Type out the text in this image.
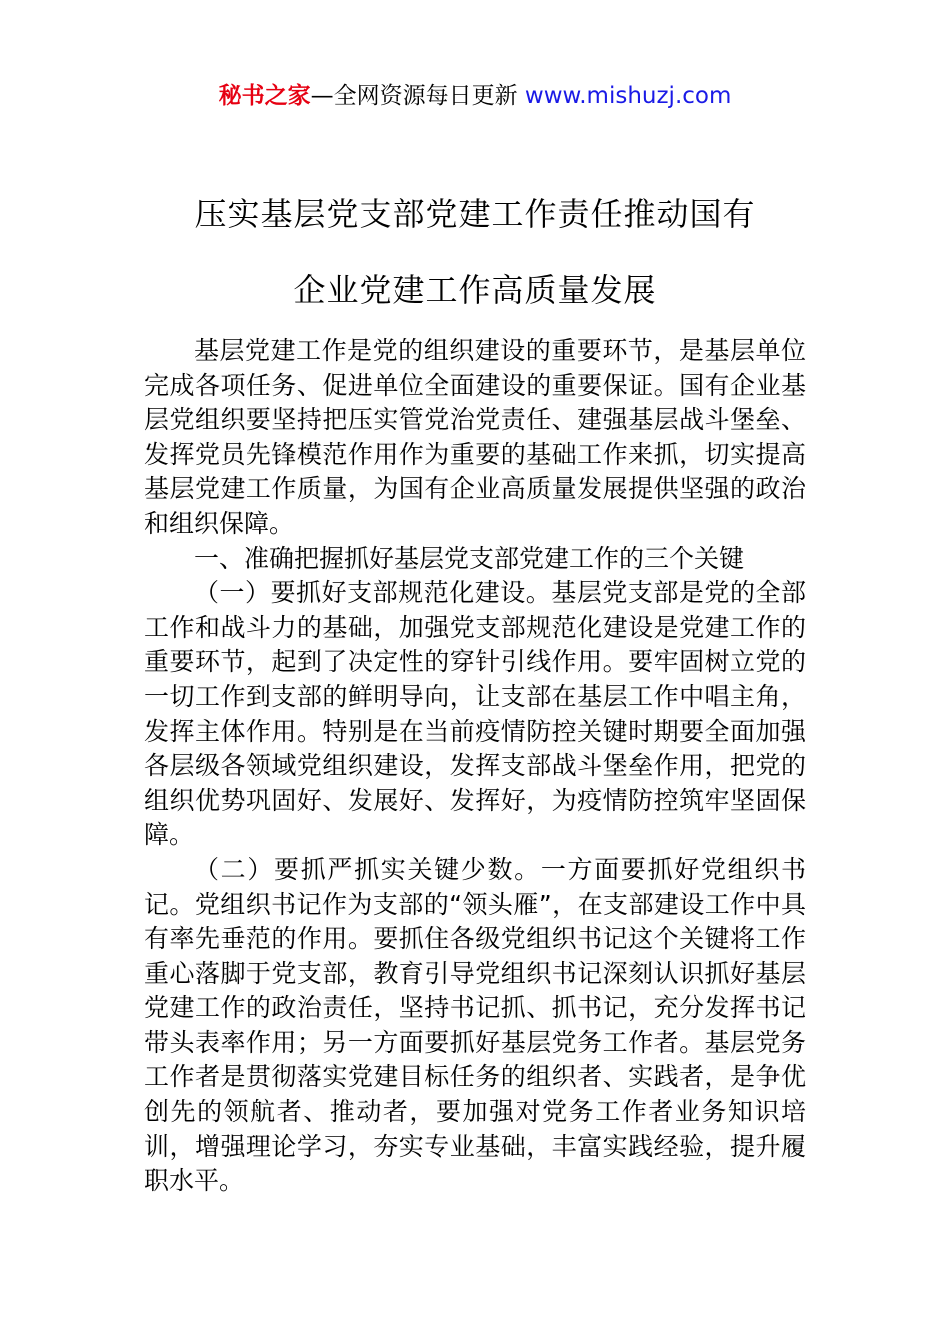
秘书之家—全网资源每日更新 www.mishuzj.com
压实基层党支部党建工作责任推动国有
企业党建工作高质量发展

基层党建工作是党的组织建设的重要环节，是基层单位完成各项任务、促进单位全面建设的重要保证。国有企业基层党组织要坚持把压实管党治党责任、建强基层战斗堡垒、发挥党员先锋模范作用作为重要的基础工作来抓，切实提高基层党建工作质量，为国有企业高质量发展提供坚强的政治和组织保障。

一、准确把握抓好基层党支部党建工作的三个关键

（一）要抓好支部规范化建设。基层党支部是党的全部工作和战斗力的基础，加强党支部规范化建设是党建工作的重要环节，起到了决定性的穿针引线作用。要牢固树立党的一切工作到支部的鲜明导向，让支部在基层工作中唱主角，发挥主体作用。特别是在当前疫情防控关键时期要全面加强各层级各领域党组织建设，发挥支部战斗堡垒作用，把党的组织优势巩固好、发展好、发挥好，为疫情防控筑牢坚固保障。

（二）要抓严抓实关键少数。一方面要抓好党组织书记。党组织书记作为支部的“领头雁”，在支部建设工作中具有率先垂范的作用。要抓住各级党组织书记这个关键将工作重心落脚于党支部，教育引导党组织书记深刻认识抓好基层党建工作的政治责任，坚持书记抓、抓书记，充分发挥书记带头表率作用；另一方面要抓好基层党务工作者。基层党务工作者是贯彻落实党建目标任务的组织者、实践者，是争优创先的领航者、推动者，要加强对党务工作者业务知识培训，增强理论学习，夯实专业基础，丰富实践经验，提升履职水平。
